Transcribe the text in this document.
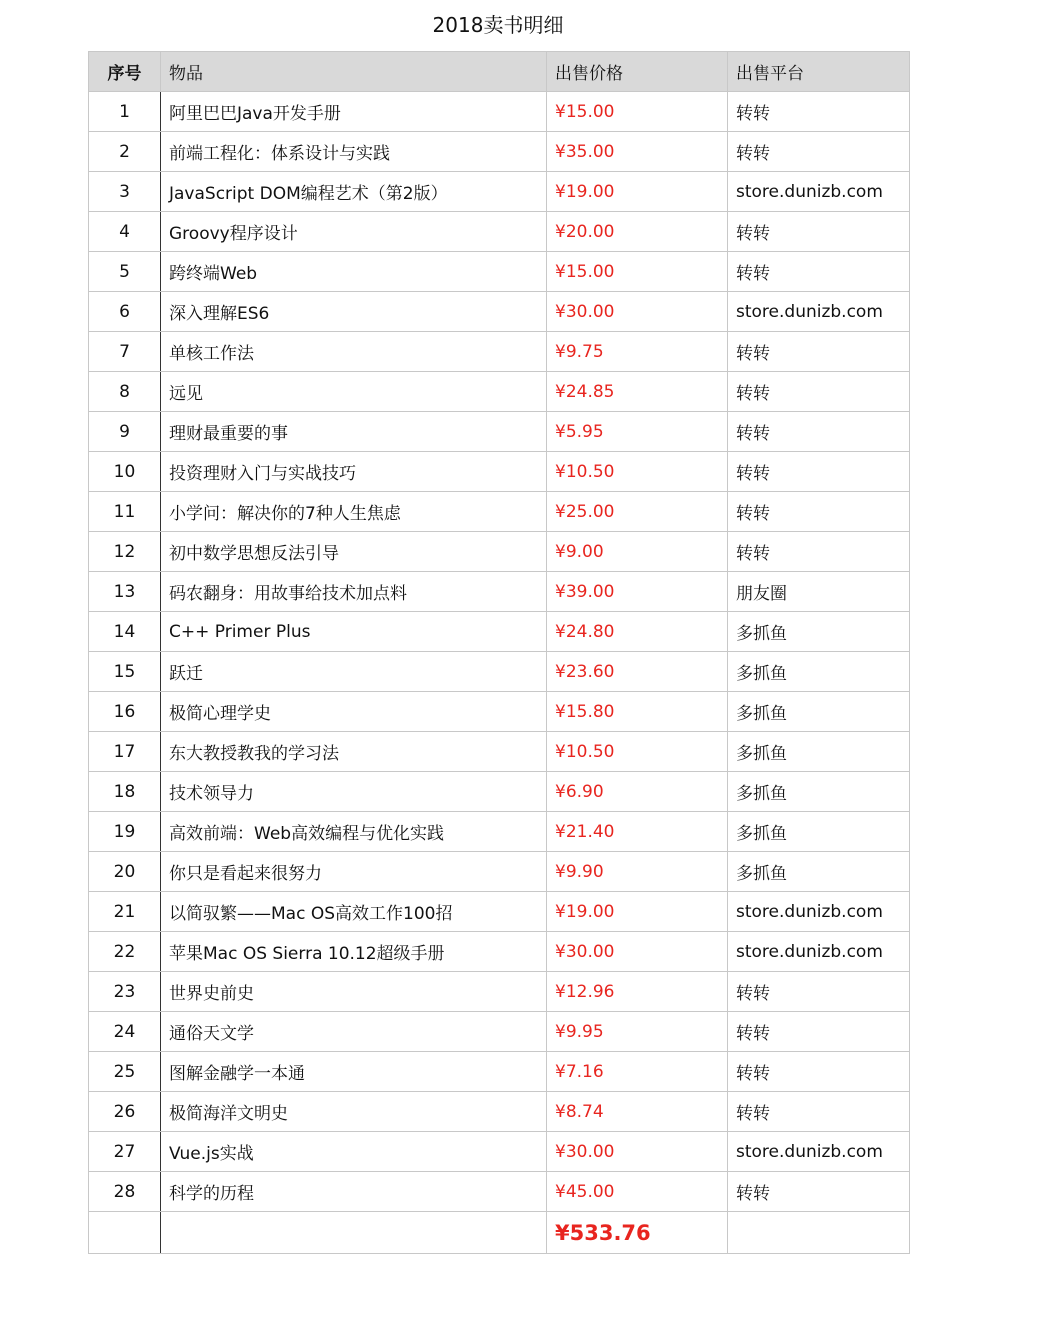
2018卖书明细
序号	物品	出售价格	出售平台
1	阿里巴巴Java开发手册	¥15.00	转转
2	前端工程化：体系设计与实践	¥35.00	转转
3	JavaScript DOM编程艺术（第2版）	¥19.00	store.dunizb.com
4	Groovy程序设计	¥20.00	转转
5	跨终端Web	¥15.00	转转
6	深入理解ES6	¥30.00	store.dunizb.com
7	单核工作法	¥9.75	转转
8	远见	¥24.85	转转
9	理财最重要的事	¥5.95	转转
10	投资理财入门与实战技巧	¥10.50	转转
11	小学问：解决你的7种人生焦虑	¥25.00	转转
12	初中数学思想反法引导	¥9.00	转转
13	码农翻身：用故事给技术加点料	¥39.00	朋友圈
14	C++ Primer Plus	¥24.80	多抓鱼
15	跃迁	¥23.60	多抓鱼
16	极简心理学史	¥15.80	多抓鱼
17	东大教授教我的学习法	¥10.50	多抓鱼
18	技术领导力	¥6.90	多抓鱼
19	高效前端：Web高效编程与优化实践	¥21.40	多抓鱼
20	你只是看起来很努力	¥9.90	多抓鱼
21	以简驭繁——Mac OS高效工作100招	¥19.00	store.dunizb.com
22	苹果Mac OS Sierra 10.12超级手册	¥30.00	store.dunizb.com
23	世界史前史	¥12.96	转转
24	通俗天文学	¥9.95	转转
25	图解金融学一本通	¥7.16	转转
26	极简海洋文明史	¥8.74	转转
27	Vue.js实战	¥30.00	store.dunizb.com
28	科学的历程	¥45.00	转转
		¥533.76	
